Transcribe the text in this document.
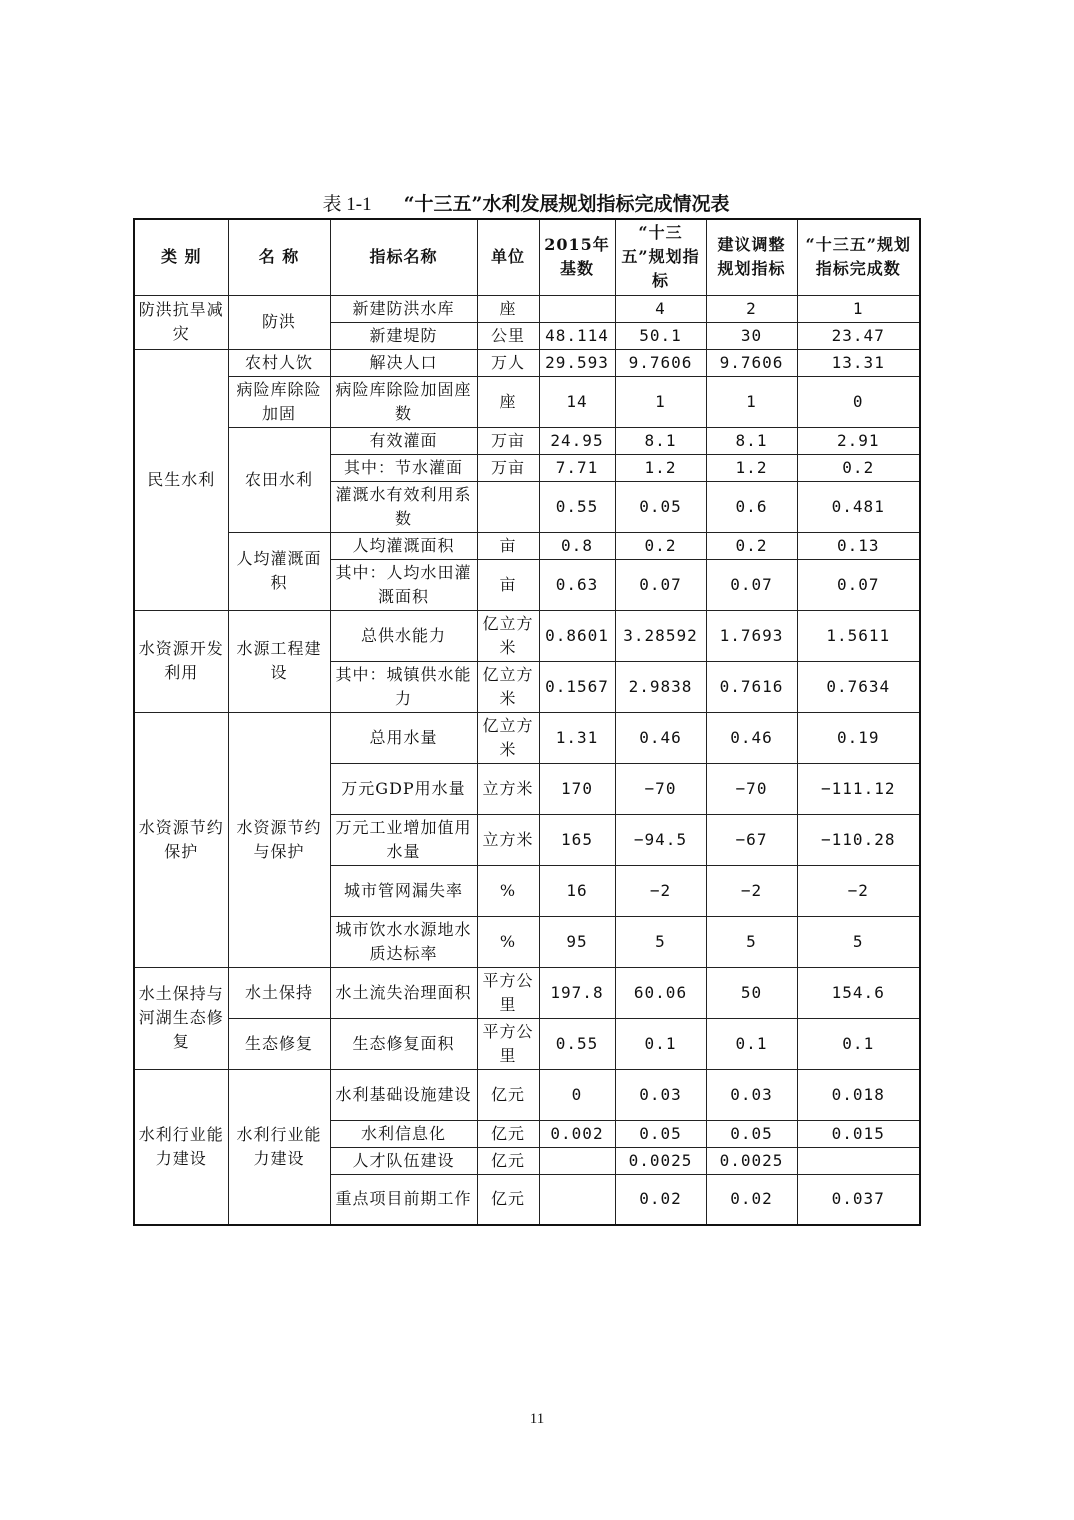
表 1-1 “十三五”水利发展规划指标完成情况表
类 别	名 称	指标名称	单位	2015年基数	“十三五”规划指标	建议调整规划指标	“十三五”规划指标完成数
防洪抗旱减灾	防洪	新建防洪水库	座		4	2	1
		新建堤防	公里	48.114	50.1	30	23.47
民生水利	农村人饮	解决人口	万人	29.593	9.7606	9.7606	13.31
	病险库除险加固	病险库除险加固座数	座	14	1	1	0
	农田水利	有效灌面	万亩	24.95	8.1	8.1	2.91
		其中：节水灌面	万亩	7.71	1.2	1.2	0.2
		灌溉水有效利用系数		0.55	0.05	0.6	0.481
	人均灌溉面积	人均灌溉面积	亩	0.8	0.2	0.2	0.13
		其中：人均水田灌溉面积	亩	0.63	0.07	0.07	0.07
水资源开发利用	水源工程建设	总供水能力	亿立方米	0.8601	3.28592	1.7693	1.5611
		其中：城镇供水能力	亿立方米	0.1567	2.9838	0.7616	0.7634
水资源节约保护	水资源节约与保护	总用水量	亿立方米	1.31	0.46	0.46	0.19
		万元GDP用水量	立方米	170	−70	−70	−111.12
		万元工业增加值用水量	立方米	165	−94.5	−67	−110.28
		城市管网漏失率	%	16	−2	−2	−2
		城市饮水水源地水质达标率	%	95	5	5	5
水土保持与河湖生态修复	水土保持	水土流失治理面积	平方公里	197.8	60.06	50	154.6
	生态修复	生态修复面积	平方公里	0.55	0.1	0.1	0.1
水利行业能力建设	水利行业能力建设	水利基础设施建设	亿元	0	0.03	0.03	0.018
		水利信息化	亿元	0.002	0.05	0.05	0.015
		人才队伍建设	亿元		0.0025	0.0025	
		重点项目前期工作	亿元		0.02	0.02	0.037
11
